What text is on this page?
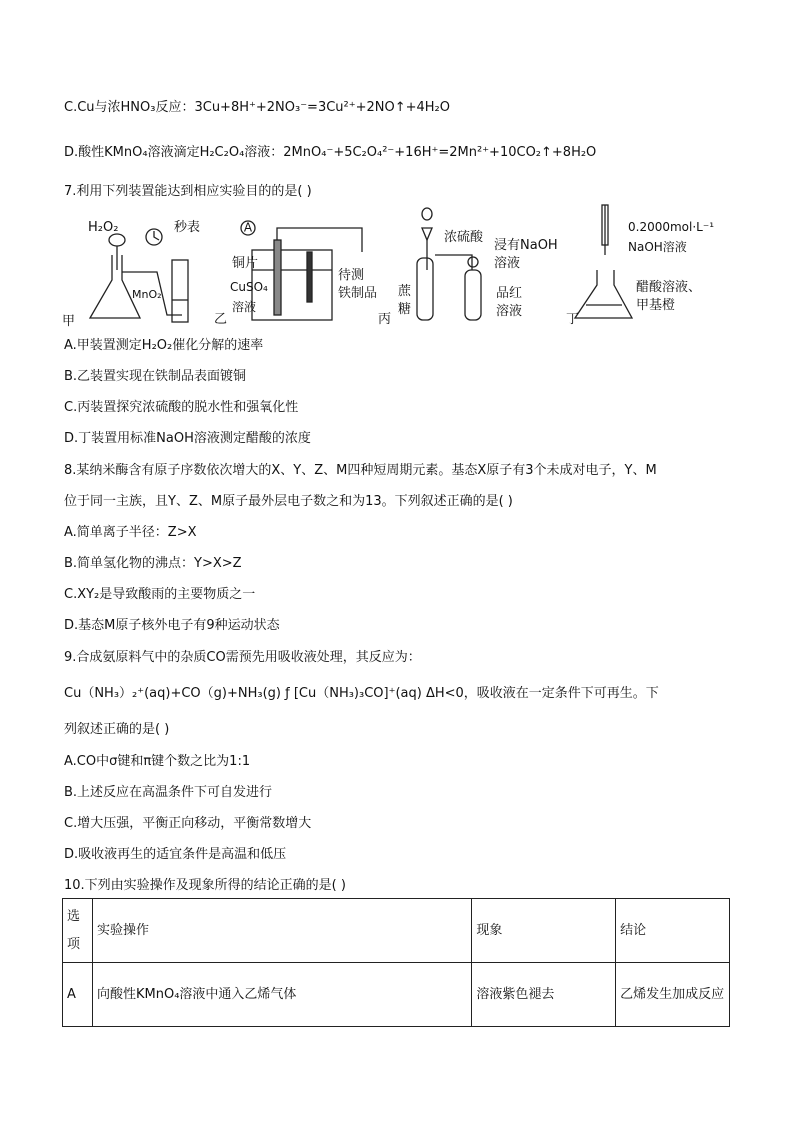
C.Cu与浓HNO₃反应：3Cu+8H⁺+2NO₃⁻=3Cu²⁺+2NO↑+4H₂O
D.酸性KMnO₄溶液滴定H₂C₂O₄溶液：2MnO₄⁻+5C₂O₄²⁻+16H⁺=2Mn²⁺+10CO₂↑+8H₂O
7.利用下列装置能达到相应实验目的的是( )
A
甲
H₂O₂
MnO₂
秒表
乙
铜片
CuSO₄
溶液
待测
铁制品
丙
蔗
糖
浓硫酸
浸有NaOH
溶液
品红
溶液
丁
0.2000mol·L⁻¹
NaOH溶液
醋酸溶液、
甲基橙
A.甲装置测定H₂O₂催化分解的速率
B.乙装置实现在铁制品表面镀铜
C.丙装置探究浓硫酸的脱水性和强氧化性
D.丁装置用标准NaOH溶液测定醋酸的浓度
8.某纳米酶含有原子序数依次增大的X、Y、Z、M四种短周期元素。基态X原子有3个未成对电子，Y、M
位于同一主族，且Y、Z、M原子最外层电子数之和为13。下列叙述正确的是( )
A.简单离子半径：Z>X
B.简单氢化物的沸点：Y>X>Z
C.XY₂是导致酸雨的主要物质之一
D.基态M原子核外电子有9种运动状态
9.合成氨原料气中的杂质CO需预先用吸收液处理，其反应为：
Cu（NH₃）₂⁺(aq)+CO（g)+NH₃(g) ƒ [Cu（NH₃)₃CO]⁺(aq) ΔH<0，吸收液在一定条件下可再生。下
列叙述正确的是( )
A.CO中σ键和π键个数之比为1:1
B.上述反应在高温条件下可自发进行
C.增大压强，平衡正向移动，平衡常数增大
D.吸收液再生的适宜条件是高温和低压
10.下列由实验操作及现象所得的结论正确的是( )
选项	实验操作	现象	结论
A	向酸性KMnO₄溶液中通入乙烯气体	溶液紫色褪去	乙烯发生加成反应
